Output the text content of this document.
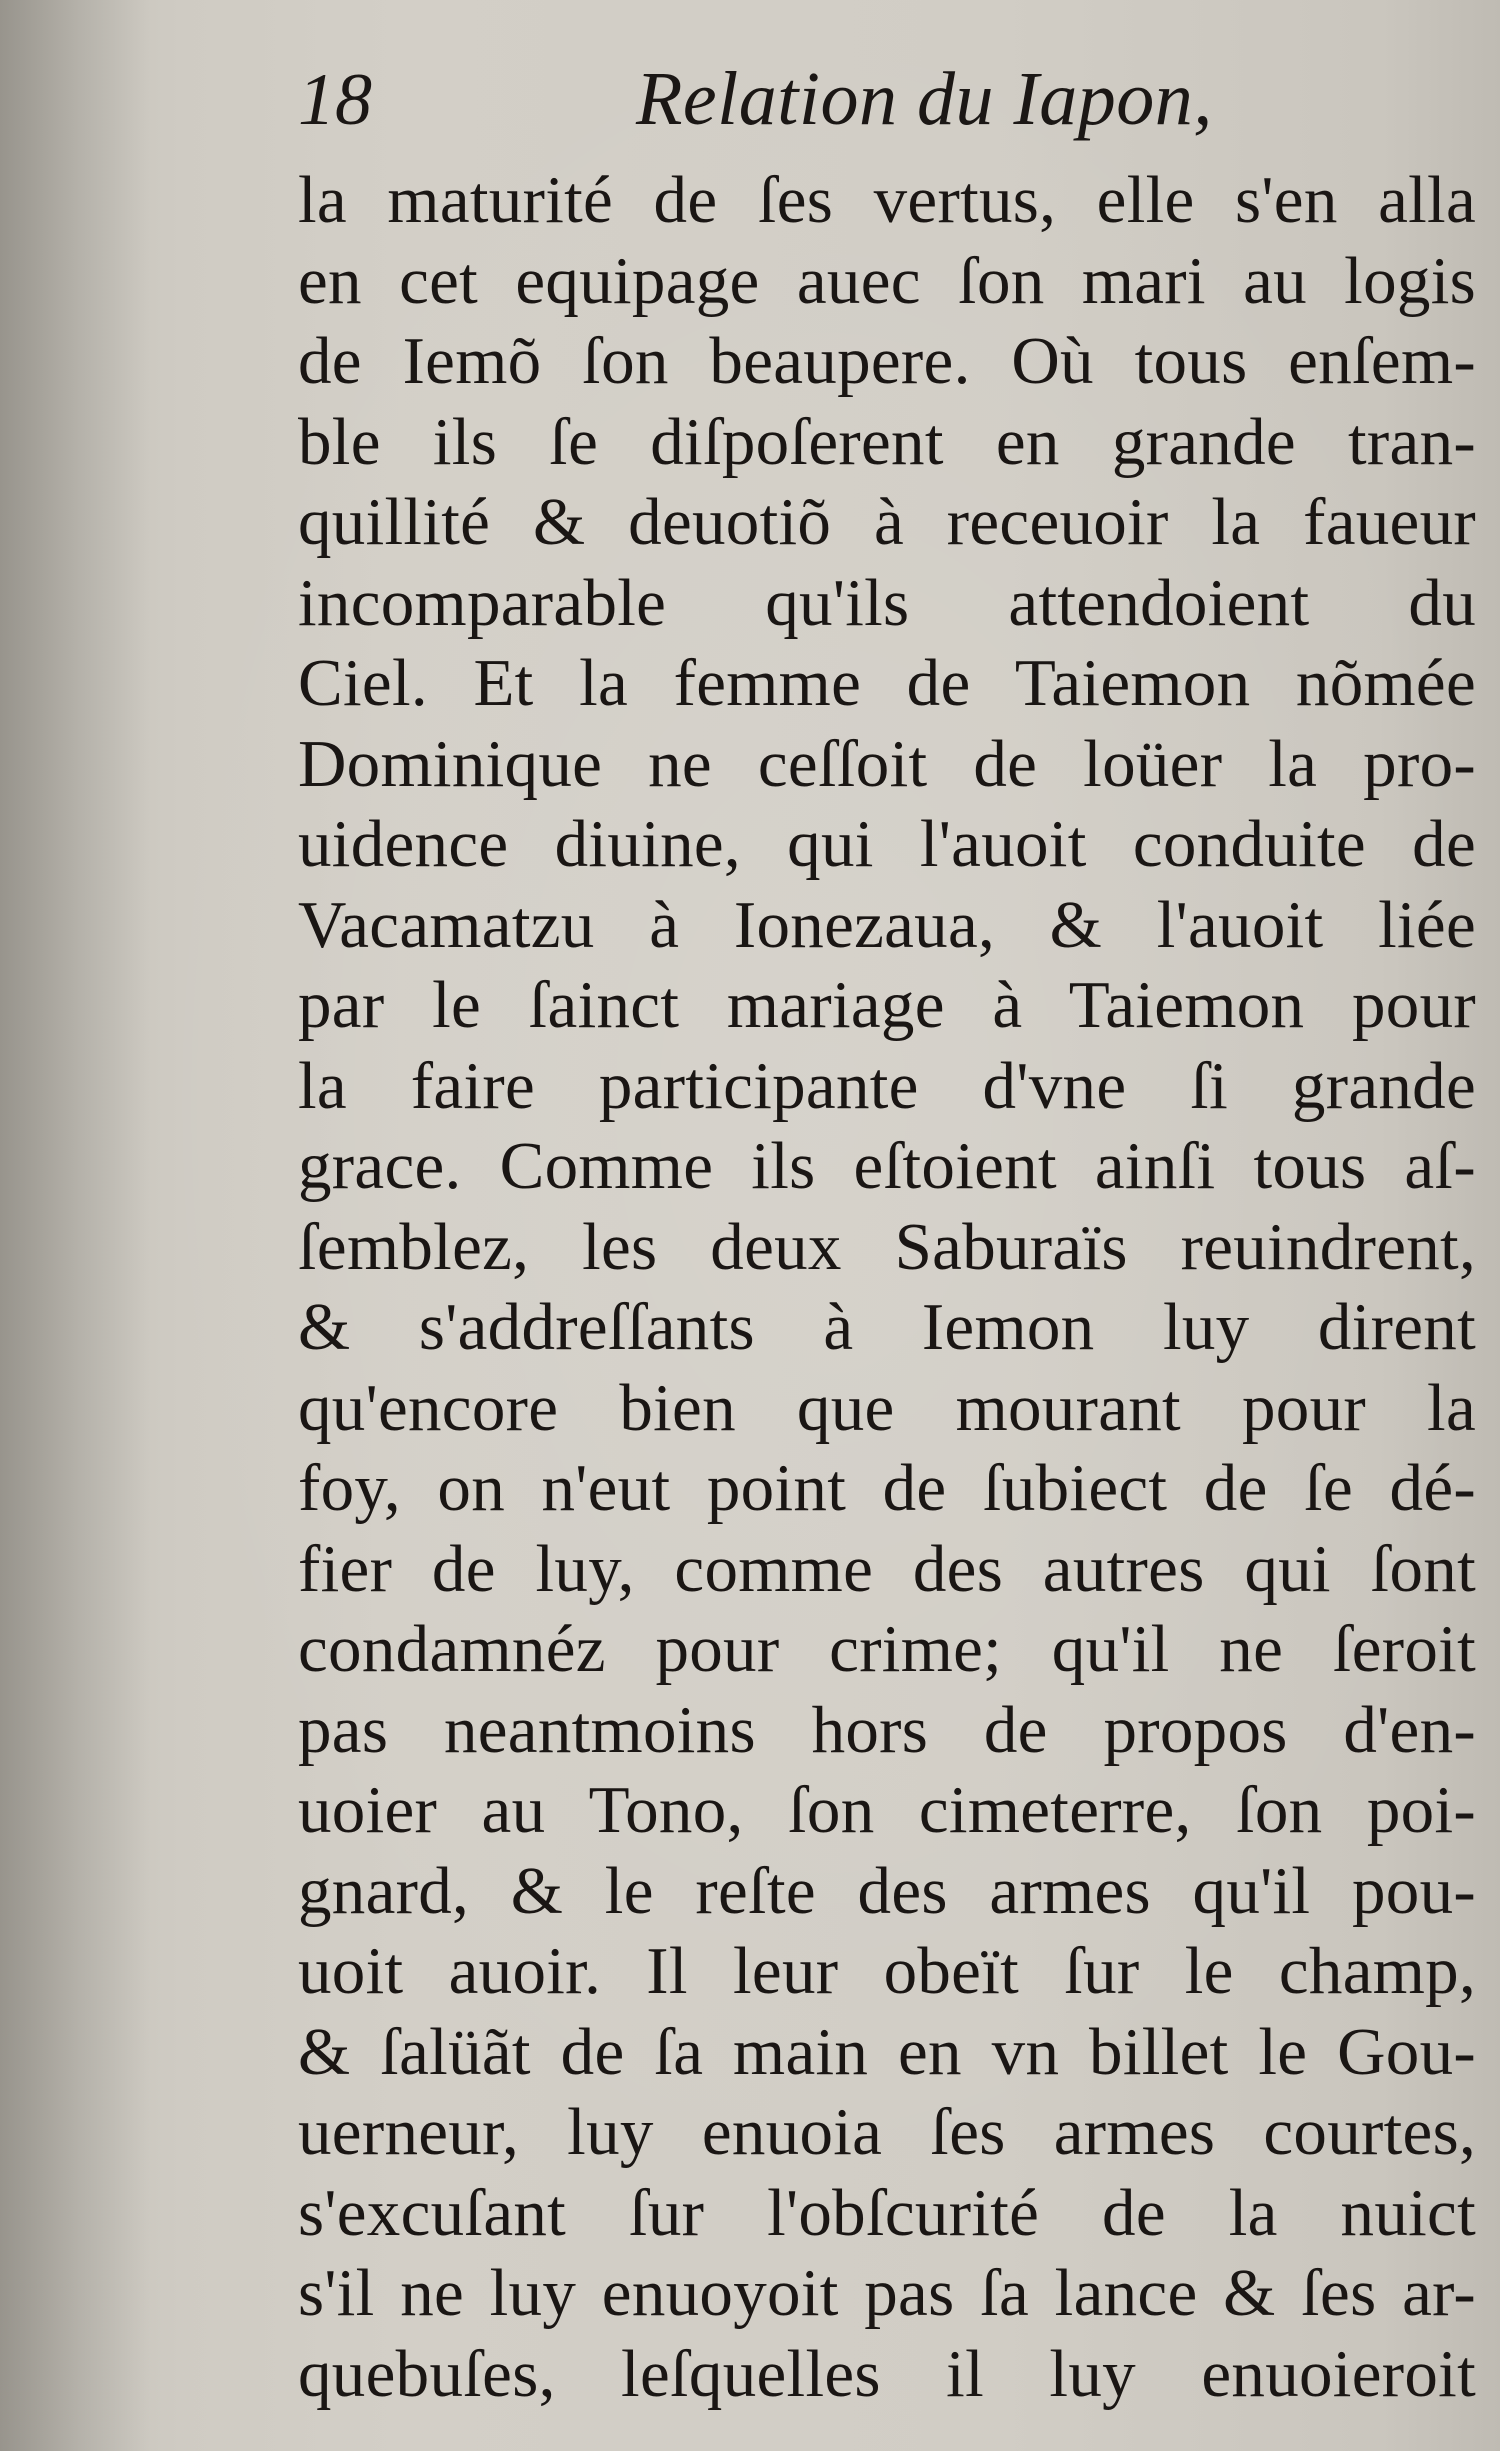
18	Relation du Iapon,
la maturité de ſes vertus, elle s'en alla
en cet equipage auec ſon mari au logis
de Iemõ ſon beaupere. Où tous enſem-
ble ils ſe diſpoſerent en grande tran-
quillité & deuotiõ à receuoir la faueur
incomparable qu'ils attendoient du
Ciel. Et la femme de Taiemon nõmée
Dominique ne ceſſoit de loüer la pro-
uidence diuine, qui l'auoit conduite de
Vacamatzu à Ionezaua, & l'auoit liée
par le ſainct mariage à Taiemon pour
la faire participante d'vne ſi grande
grace. Comme ils eſtoient ainſi tous aſ-
ſemblez, les deux Saburaïs reuindrent,
& s'addreſſants à Iemon luy dirent
qu'encore bien que mourant pour la
foy, on n'eut point de ſubiect de ſe dé-
fier de luy, comme des autres qui ſont
condamnéz pour crime; qu'il ne ſeroit
pas neantmoins hors de propos d'en-
uoier au Tono, ſon cimeterre, ſon poi-
gnard, & le reſte des armes qu'il pou-
uoit auoir. Il leur obeït ſur le champ,
& ſalüãt de ſa main en vn billet le Gou-
uerneur, luy enuoia ſes armes courtes,
s'excuſant ſur l'obſcurité de la nuict
s'il ne luy enuoyoit pas ſa lance & ſes ar-
quebuſes, leſquelles il luy enuoieroit
